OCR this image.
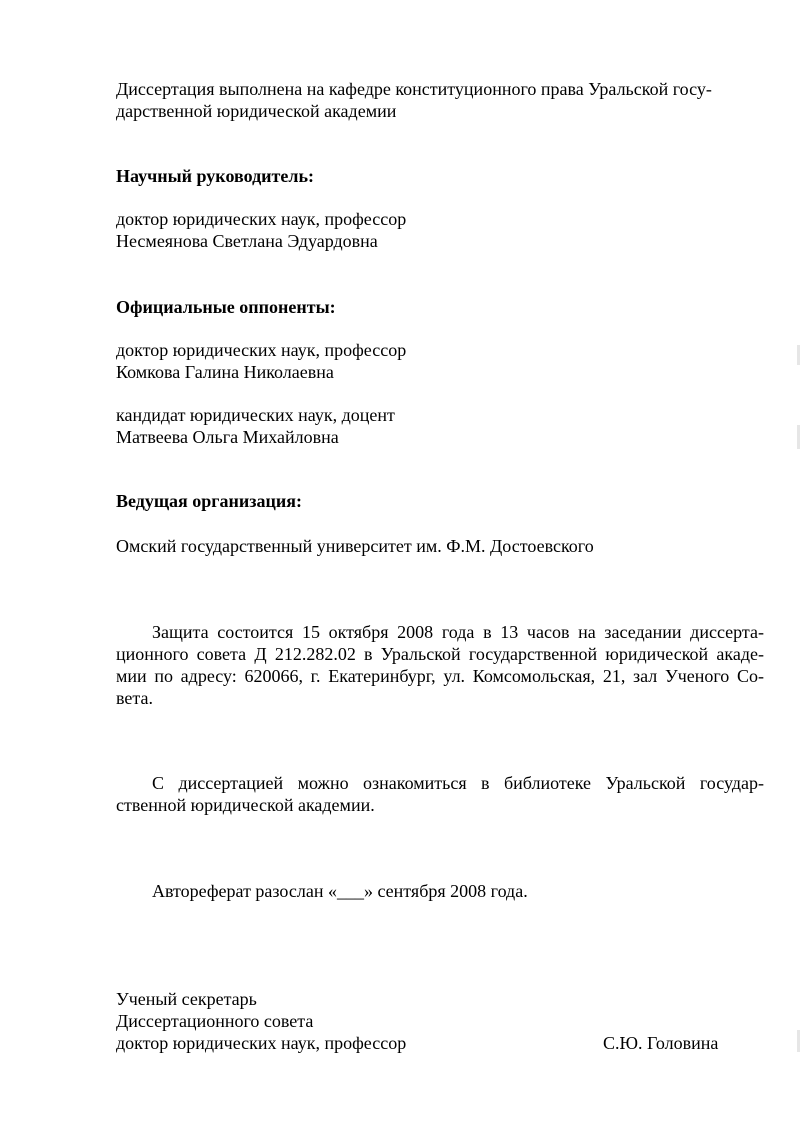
Диссертация выполнена на кафедре конституционного права Уральской госу-
дарственной юридической академии
Научный руководитель:
доктор юридических наук, профессор
Несмеянова Светлана Эдуардовна
Официальные оппоненты:
доктор юридических наук, профессор
Комкова Галина Николаевна
кандидат юридических наук, доцент
Матвеева Ольга Михайловна
Ведущая организация:
Омский государственный университет им. Ф.М. Достоевского
Защита состоится 15 октября 2008 года в 13 часов на заседании диссерта-
ционного совета Д 212.282.02 в Уральской государственной юридической акаде-
мии по адресу: 620066, г. Екатеринбург, ул. Комсомольская, 21, зал Ученого Со-
вета.
С диссертацией можно ознакомиться в библиотеке Уральской государ-
ственной юридической академии.
Автореферат разослан «___» сентября 2008 года.
Ученый секретарь
Диссертационного совета
доктор юридических наук, профессор	С.Ю. Головина
